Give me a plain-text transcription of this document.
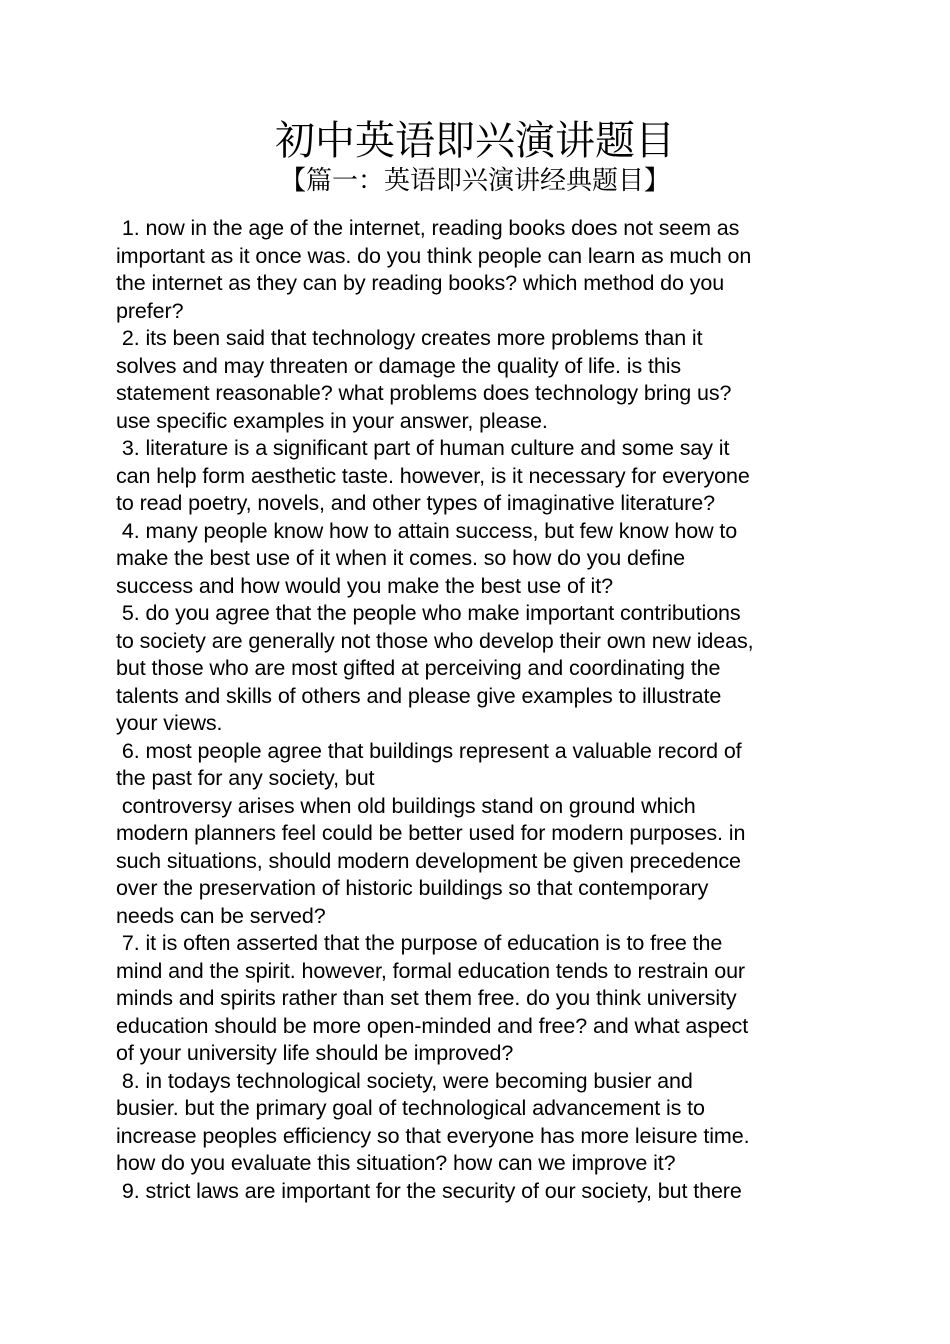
初中英语即兴演讲题目
【篇一：英语即兴演讲经典题目】
1. now in the age of the internet, reading books does not seem as
important as it once was. do you think people can learn as much on
the internet as they can by reading books? which method do you
prefer?
2. its been said that technology creates more problems than it
solves and may threaten or damage the quality of life. is this
statement reasonable? what problems does technology bring us?
use specific examples in your answer, please.
3. literature is a significant part of human culture and some say it
can help form aesthetic taste. however, is it necessary for everyone
to read poetry, novels, and other types of imaginative literature?
4. many people know how to attain success, but few know how to
make the best use of it when it comes. so how do you define
success and how would you make the best use of it?
5. do you agree that the people who make important contributions
to society are generally not those who develop their own new ideas,
but those who are most gifted at perceiving and coordinating the
talents and skills of others and please give examples to illustrate
your views.
6. most people agree that buildings represent a valuable record of
the past for any society, but
controversy arises when old buildings stand on ground which
modern planners feel could be better used for modern purposes. in
such situations, should modern development be given precedence
over the preservation of historic buildings so that contemporary
needs can be served?
7. it is often asserted that the purpose of education is to free the
mind and the spirit. however, formal education tends to restrain our
minds and spirits rather than set them free. do you think university
education should be more open-minded and free? and what aspect
of your university life should be improved?
8. in todays technological society, were becoming busier and
busier. but the primary goal of technological advancement is to
increase peoples efficiency so that everyone has more leisure time.
how do you evaluate this situation? how can we improve it?
9. strict laws are important for the security of our society, but there
